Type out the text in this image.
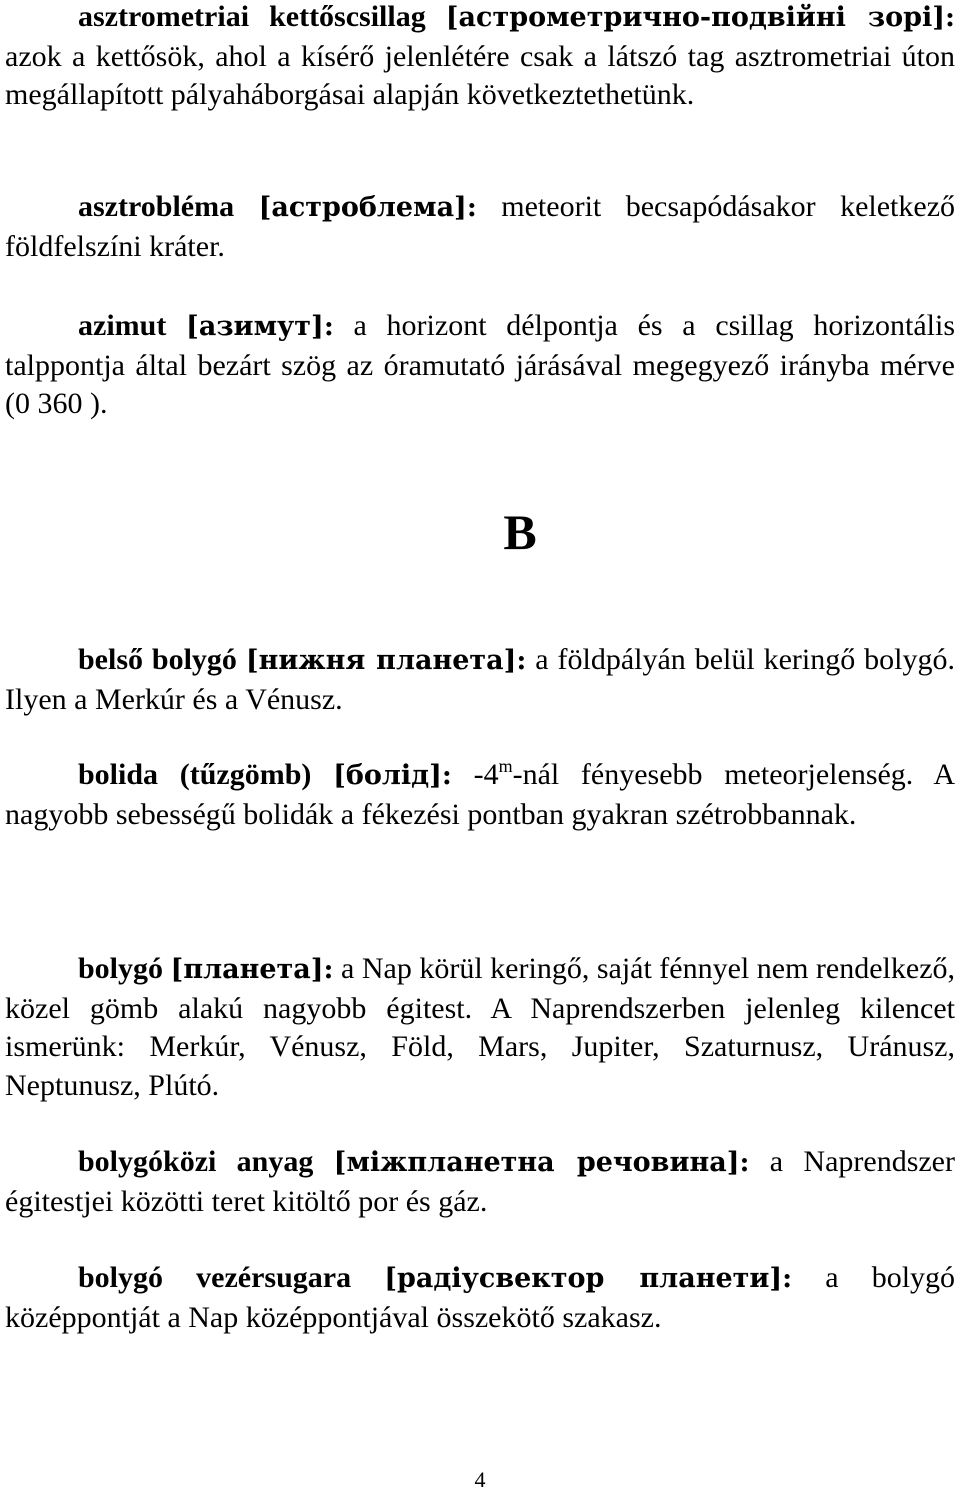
asztrometriai kettőscsillag [астрометрично-подвійні зорі]: azok a kettősök, ahol a kísérő jelenlétére csak a látszó tag asztrometriai úton megállapított pályaháborgásai alapján következtethetünk.

asztrobléma [астроблема]: meteorit becsapódásakor keletkező földfelszíni kráter.

azimut [азимут]: a horizont délpontja és a csillag horizontális talppontja által bezárt szög az óramutató járásával megegyező irányba mérve (0 360 ).

B

belső bolygó [нижня планета]: a földpályán belül keringő bolygó. Ilyen a Merkúr és a Vénusz.

bolida (tűzgömb) [болід]: -4$^m$-nál fényesebb meteorjelenség. A nagyobb sebességű bolidák a fékezési pontban gyakran szétrobbannak.

bolygó [планета]: a Nap körül keringő, saját fénnyel nem rendelkező, közel gömb alakú nagyobb égitest. A Naprendszerben jelenleg kilencet ismerünk: Merkúr, Vénusz, Föld, Mars, Jupiter, Szaturnusz, Uránusz, Neptunusz, Plútó.

bolygóközi anyag [міжпланетна речовина]: a Naprendszer égitestjei közötti teret kitöltő por és gáz.

bolygó vezérsugara [радіусвектор планети]: a bolygó középpontját a Nap középpontjával összekötő szakasz.

4
